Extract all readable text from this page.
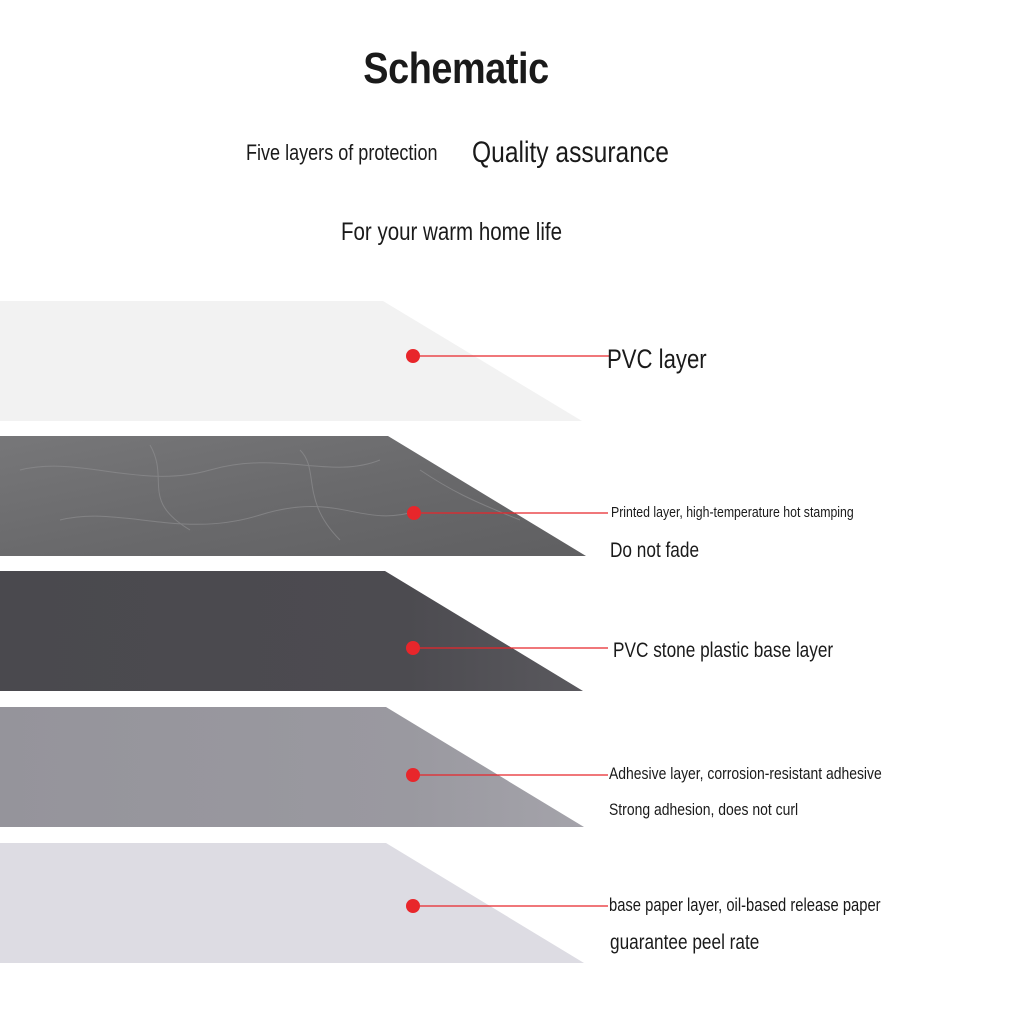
Schematic
Five layers of protection Quality assurance
For your warm home life
PVC layer
Printed layer, high-temperature hot stamping
Do not fade
PVC stone plastic base layer
Adhesive layer, corrosion-resistant adhesive
Strong adhesion, does not curl
base paper layer, oil-based release paper
guarantee peel rate
